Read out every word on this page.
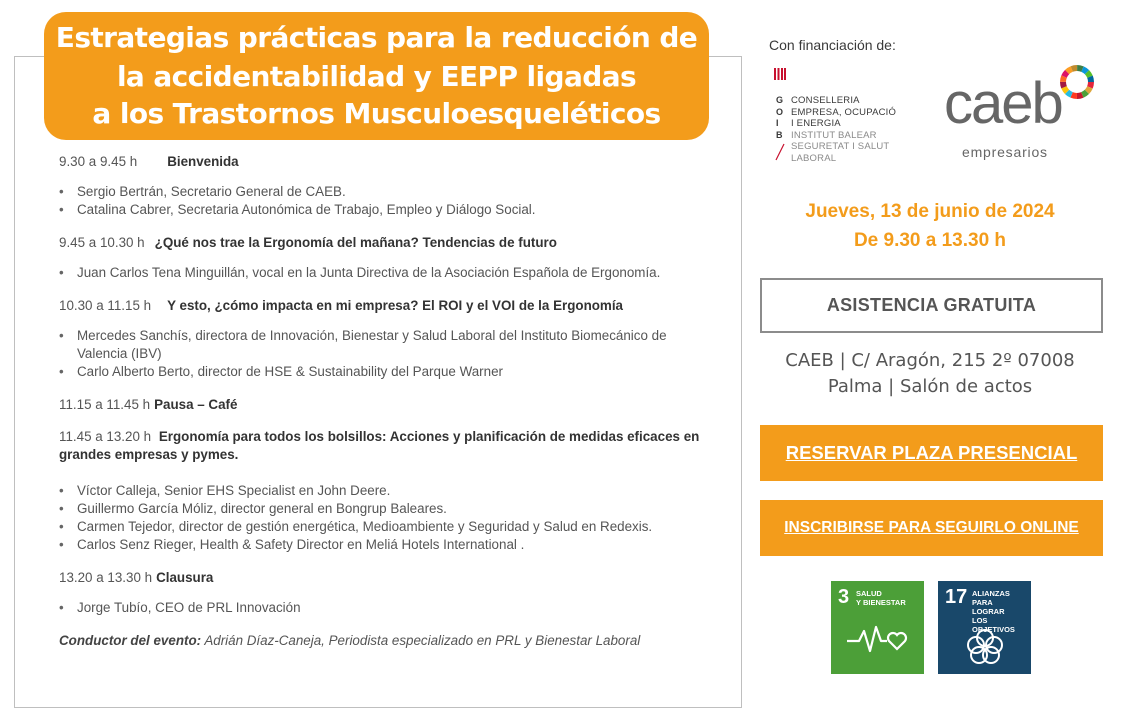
Estrategias prácticas para la reducción de
la accidentabilidad y EEPP ligadas
a los Trastornos Musculoesqueléticos
9.30 a 9.45 h Bienvenida
• Sergio Bertrán, Secretario General de CAEB.
• Catalina Cabrer, Secretaria Autonómica de Trabajo, Empleo y Diálogo Social.
9.45 a 10.30 h ¿Qué nos trae la Ergonomía del mañana? Tendencias de futuro
• Juan Carlos Tena Minguillán, vocal en la Junta Directiva de la Asociación Española de Ergonomía.
10.30 a 11.15 h Y esto, ¿cómo impacta en mi empresa? El ROI y el VOI de la Ergonomía
• Mercedes Sanchís, directora de Innovación, Bienestar y Salud Laboral del Instituto Biomecánico de Valencia (IBV)
• Carlo Alberto Berto, director de HSE & Sustainability del Parque Warner
11.15 a 11.45 h Pausa – Café
11.45 a 13.20 h Ergonomía para todos los bolsillos: Acciones y planificación de medidas eficaces en grandes empresas y pymes.
• Víctor Calleja, Senior EHS Specialist en John Deere.
• Guillermo García Móliz, director general en Bongrup Baleares.
• Carmen Tejedor, director de gestión energética, Medioambiente y Seguridad y Salud en Redexis.
• Carlos Senz Rieger, Health & Safety Director en Meliá Hotels International .
13.20 a 13.30 h Clausura
• Jorge Tubío, CEO de PRL Innovación
Conductor del evento: Adrián Díaz-Caneja, Periodista especializado en PRL y Bienestar Laboral
Con financiación de:
GOIB
CONSELLERIA
EMPRESA, OCUPACIÓ
I ENERGIA
INSTITUT BALEAR
SEGURETAT I SALUT
LABORAL
caeb
empresarios
Jueves, 13 de junio de 2024
De 9.30 a 13.30 h
ASISTENCIA GRATUITA
CAEB | C/ Aragón, 215 2º 07008
Palma | Salón de actos
RESERVAR PLAZA PRESENCIAL
INSCRIBIRSE PARA SEGUIRLO ONLINE
3 SALUD
Y BIENESTAR 17 ALIANZAS PARA
LOGRAR
LOS OBJETIVOS
